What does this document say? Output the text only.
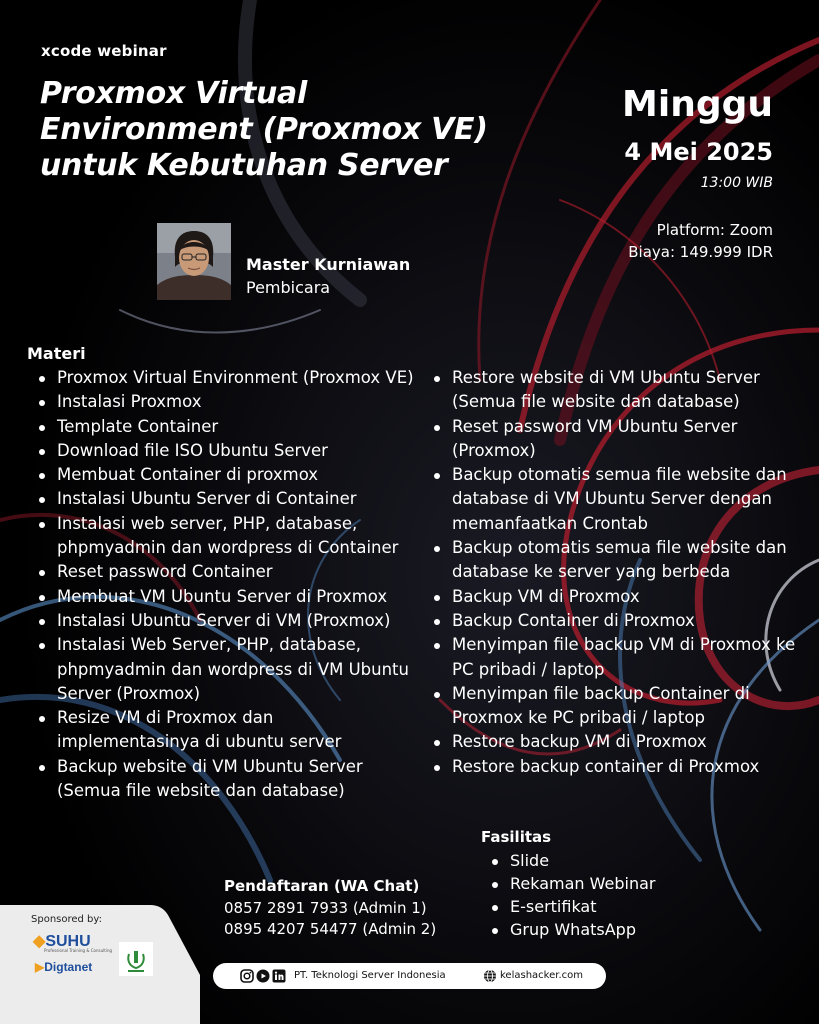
xcode webinar
Proxmox Virtual
Environment (Proxmox VE)
untuk Kebutuhan Server
Minggu
4 Mei 2025
13:00 WIB
Platform: Zoom
Biaya: 149.999 IDR
Master Kurniawan
Pembicara
Materi
Proxmox Virtual Environment (Proxmox VE)
Instalasi Proxmox
Template Container
Download file ISO Ubuntu Server
Membuat Container di proxmox
Instalasi Ubuntu Server di Container
Instalasi web server, PHP, database, phpmyadmin dan wordpress di Container
Reset password Container
Membuat VM Ubuntu Server di Proxmox
Instalasi Ubuntu Server di VM (Proxmox)
Instalasi Web Server, PHP, database, phpmyadmin dan wordpress di VM Ubuntu Server (Proxmox)
Resize VM di Proxmox dan implementasinya di ubuntu server
Backup website di VM Ubuntu Server (Semua file website dan database)
Restore website di VM Ubuntu Server (Semua file website dan database)
Reset password VM Ubuntu Server (Proxmox)
Backup otomatis semua file website dan database di VM Ubuntu Server dengan memanfaatkan Crontab
Backup otomatis semua file website dan database ke server yang berbeda
Backup VM di Proxmox
Backup Container di Proxmox
Menyimpan file backup VM di Proxmox ke PC pribadi / laptop
Menyimpan file backup Container di Proxmox ke PC pribadi / laptop
Restore backup VM di Proxmox
Restore backup container di Proxmox
Fasilitas
Slide
Rekaman Webinar
E-sertifikat
Grup WhatsApp
Pendaftaran (WA Chat)
0857 2891 7933 (Admin 1)
0895 4207 54477 (Admin 2)
Sponsored by:
◆SUHU
Professional Training & Consulting
▶Digtanet
PT. Teknologi Server Indonesia	kelashacker.com
